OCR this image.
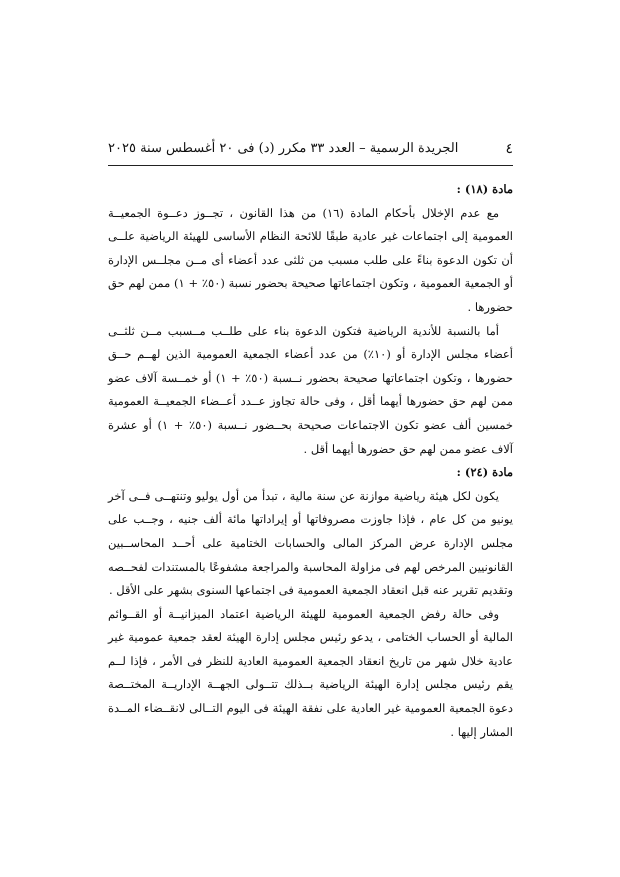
٤
الجريدة الرسمية – العدد ٣٣ مكرر (د) فى ٢٠ أغسطس سنة ٢٠٢٥

مادة (١٨) :

مع عدم الإخلال بأحكام المادة (١٦) من هذا القانون ، تجــوز دعــوة الجمعيــة العمومية إلى اجتماعات غير عادية طبقًا للائحة النظام الأساسى للهيئة الرياضية علــى أن تكون الدعوة بناءً على طلب مسبب من ثلثى عدد أعضاء أى مــن مجلــس الإدارة أو الجمعية العمومية ، وتكون اجتماعاتها صحيحة بحضور نسبة (٥٠٪ + ١) ممن لهم حق حضورها .

أما بالنسبة للأندية الرياضية فتكون الدعوة بناء على طلــب مــسبب مــن ثلثــى أعضاء مجلس الإدارة أو (١٠٪) من عدد أعضاء الجمعية العمومية الذين لهــم حــق حضورها ، وتكون اجتماعاتها صحيحة بحضور نــسبة (٥٠٪ + ١) أو خمــسة آلاف عضو ممن لهم حق حضورها أيهما أقل ، وفى حالة تجاوز عــدد أعــضاء الجمعيــة العمومية خمسين ألف عضو تكون الاجتماعات صحيحة بحــضور نــسبة (٥٠٪ + ١) أو عشرة آلاف عضو ممن لهم حق حضورها أيهما أقل .

مادة (٢٤) :

يكون لكل هيئة رياضية موازنة عن سنة مالية ، تبدأ من أول يوليو وتنتهــى فــى آخر يونيو من كل عام ، فإذا جاوزت مصروفاتها أو إيراداتها مائة ألف جنيه ، وجــب على مجلس الإدارة عرض المركز المالى والحسابات الختامية على أحــد المحاســبين القانونيين المرخص لهم فى مزاولة المحاسبة والمراجعة مشفوعًا بالمستندات لفحــصه وتقديم تقرير عنه قبل انعقاد الجمعية العمومية فى اجتماعها السنوى بشهر على الأقل .

وفى حالة رفض الجمعية العمومية للهيئة الرياضية اعتماد الميزانيــة أو القــوائم المالية أو الحساب الختامى ، يدعو رئيس مجلس إدارة الهيئة لعقد جمعية عمومية غير عادية خلال شهر من تاريخ انعقاد الجمعية العمومية العادية للنظر فى الأمر ، فإذا لــم يقم رئيس مجلس إدارة الهيئة الرياضية بــذلك تتــولى الجهــة الإداريــة المختــصة دعوة الجمعية العمومية غير العادية على نفقة الهيئة فى اليوم التــالى لانقــضاء المــدة المشار إليها .
